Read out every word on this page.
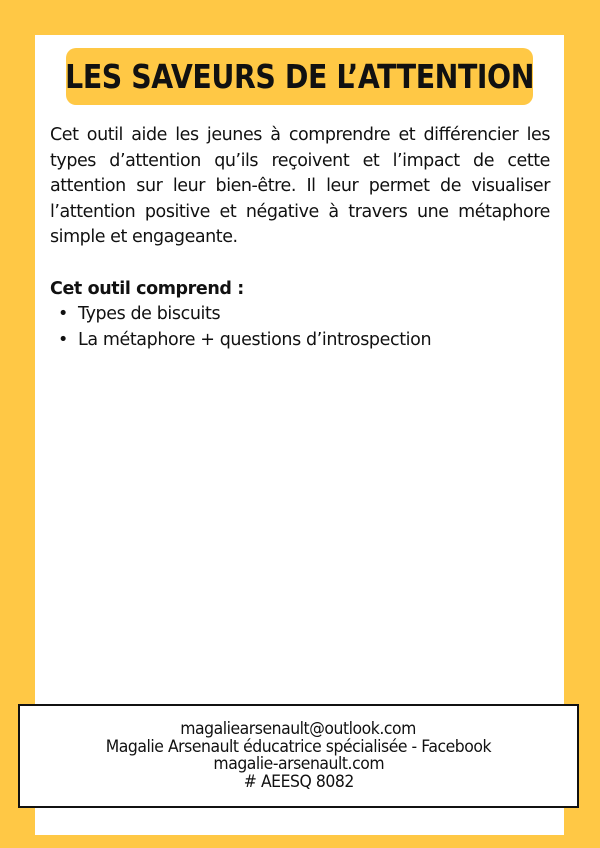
LES SAVEURS DE L’ATTENTION

Cet outil aide les jeunes à comprendre et différencier les types d’attention qu’ils reçoivent et l’impact de cette attention sur leur bien-être. Il leur permet de visualiser l’attention positive et négative à travers une métaphore simple et engageante.

Cet outil comprend :
• Types de biscuits
• La métaphore + questions d’introspection
magaliearsenault@outlook.com
Magalie Arsenault éducatrice spécialisée - Facebook
magalie-arsenault.com
# AEESQ 8082
